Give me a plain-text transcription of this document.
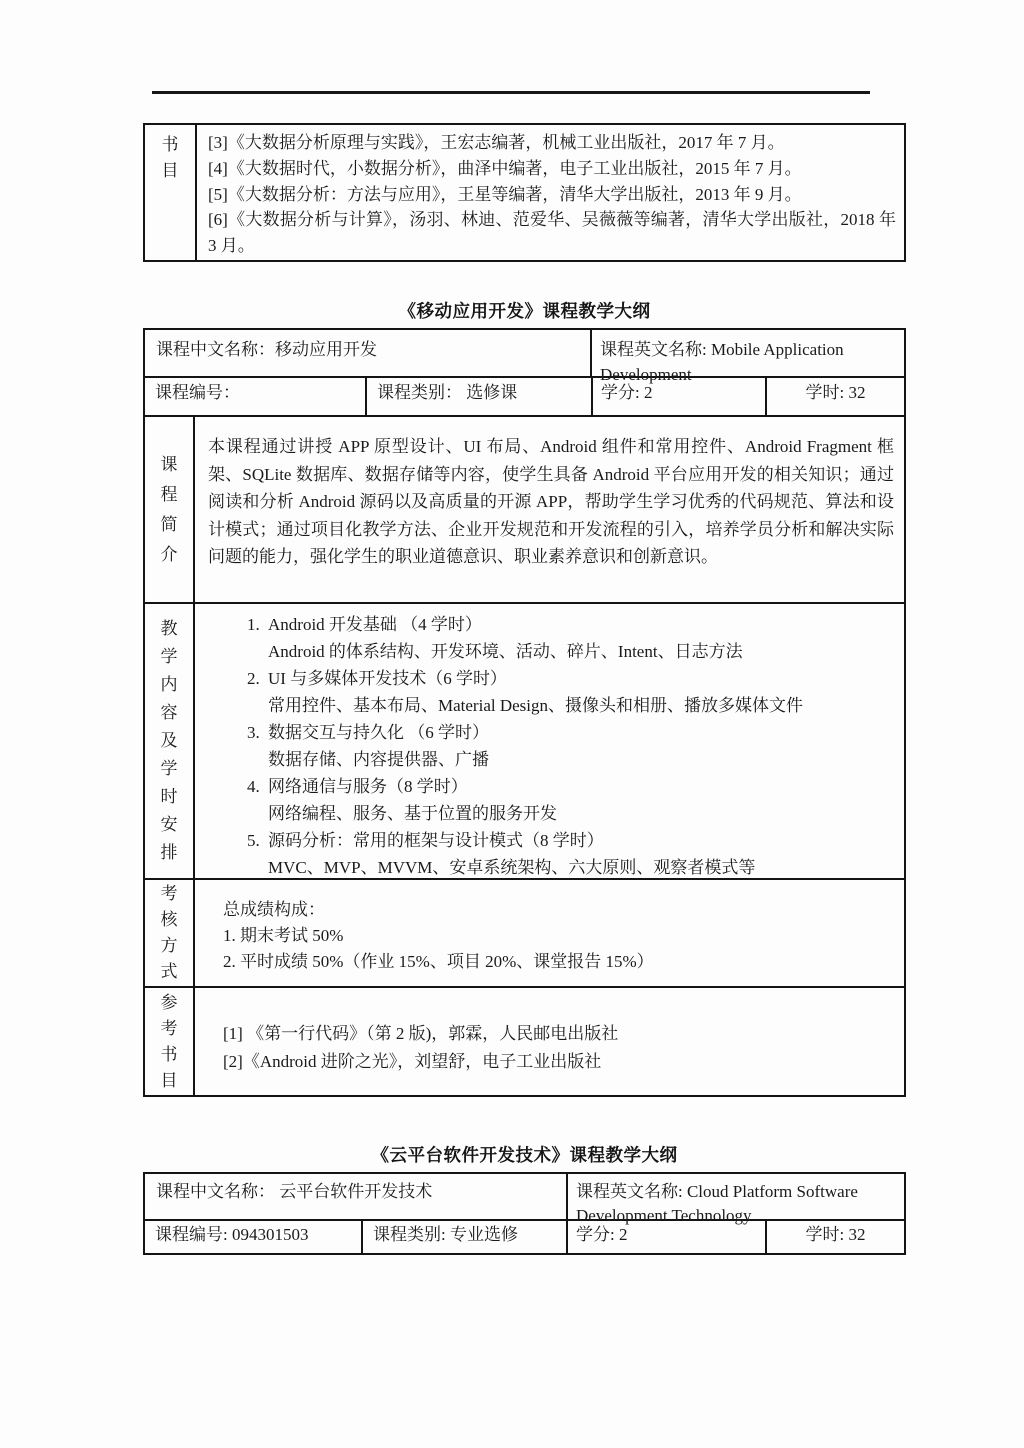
书
目
[3]《大数据分析原理与实践》，王宏志编著，机械工业出版社，2017 年 7 月。
[4]《大数据时代，小数据分析》，曲泽中编著，电子工业出版社，2015 年 7 月。
[5]《大数据分析：方法与应用》，王星等编著，清华大学出版社，2013 年 9 月。
[6]《大数据分析与计算》，汤羽、林迪、范爱华、吴薇薇等编著，清华大学出版社，2018 年 3 月。
《移动应用开发》课程教学大纲
课程中文名称：移动应用开发	课程英文名称: Mobile Application
Development
课程编号：	课程类别： 选修课	学分: 2	学时: 32
课
程
简
介
本课程通过讲授 APP 原型设计、UI 布局、Android 组件和常用控件、Android Fragment 框架、SQLite 数据库、数据存储等内容，使学生具备 Android 平台应用开发的相关知识；通过阅读和分析 Android 源码以及高质量的开源 APP，帮助学生学习优秀的代码规范、算法和设计模式；通过项目化教学方法、企业开发规范和开发流程的引入，培养学员分析和解决实际问题的能力，强化学生的职业道德意识、职业素养意识和创新意识。
教
学
内
容
及
学
时
安
排
1. Android 开发基础 （4 学时）
Android 的体系结构、开发环境、活动、碎片、Intent、日志方法
2. UI 与多媒体开发技术（6 学时）
常用控件、基本布局、Material Design、摄像头和相册、播放多媒体文件
3. 数据交互与持久化 （6 学时）
数据存储、内容提供器、广播
4. 网络通信与服务（8 学时）
网络编程、服务、基于位置的服务开发
5. 源码分析：常用的框架与设计模式（8 学时）
MVC、MVP、MVVM、安卓系统架构、六大原则、观察者模式等
考
核
方
式
总成绩构成：
1. 期末考试 50%
2. 平时成绩 50%（作业 15%、项目 20%、课堂报告 15%）
参
考
书
目
[1] 《第一行代码》（第 2 版)，郭霖，人民邮电出版社
[2]《Android 进阶之光》，刘望舒，电子工业出版社
《云平台软件开发技术》课程教学大纲
课程中文名称： 云平台软件开发技术	课程英文名称: Cloud Platform Software
Development Technology
课程编号: 094301503	课程类别: 专业选修	学分: 2	学时: 32
